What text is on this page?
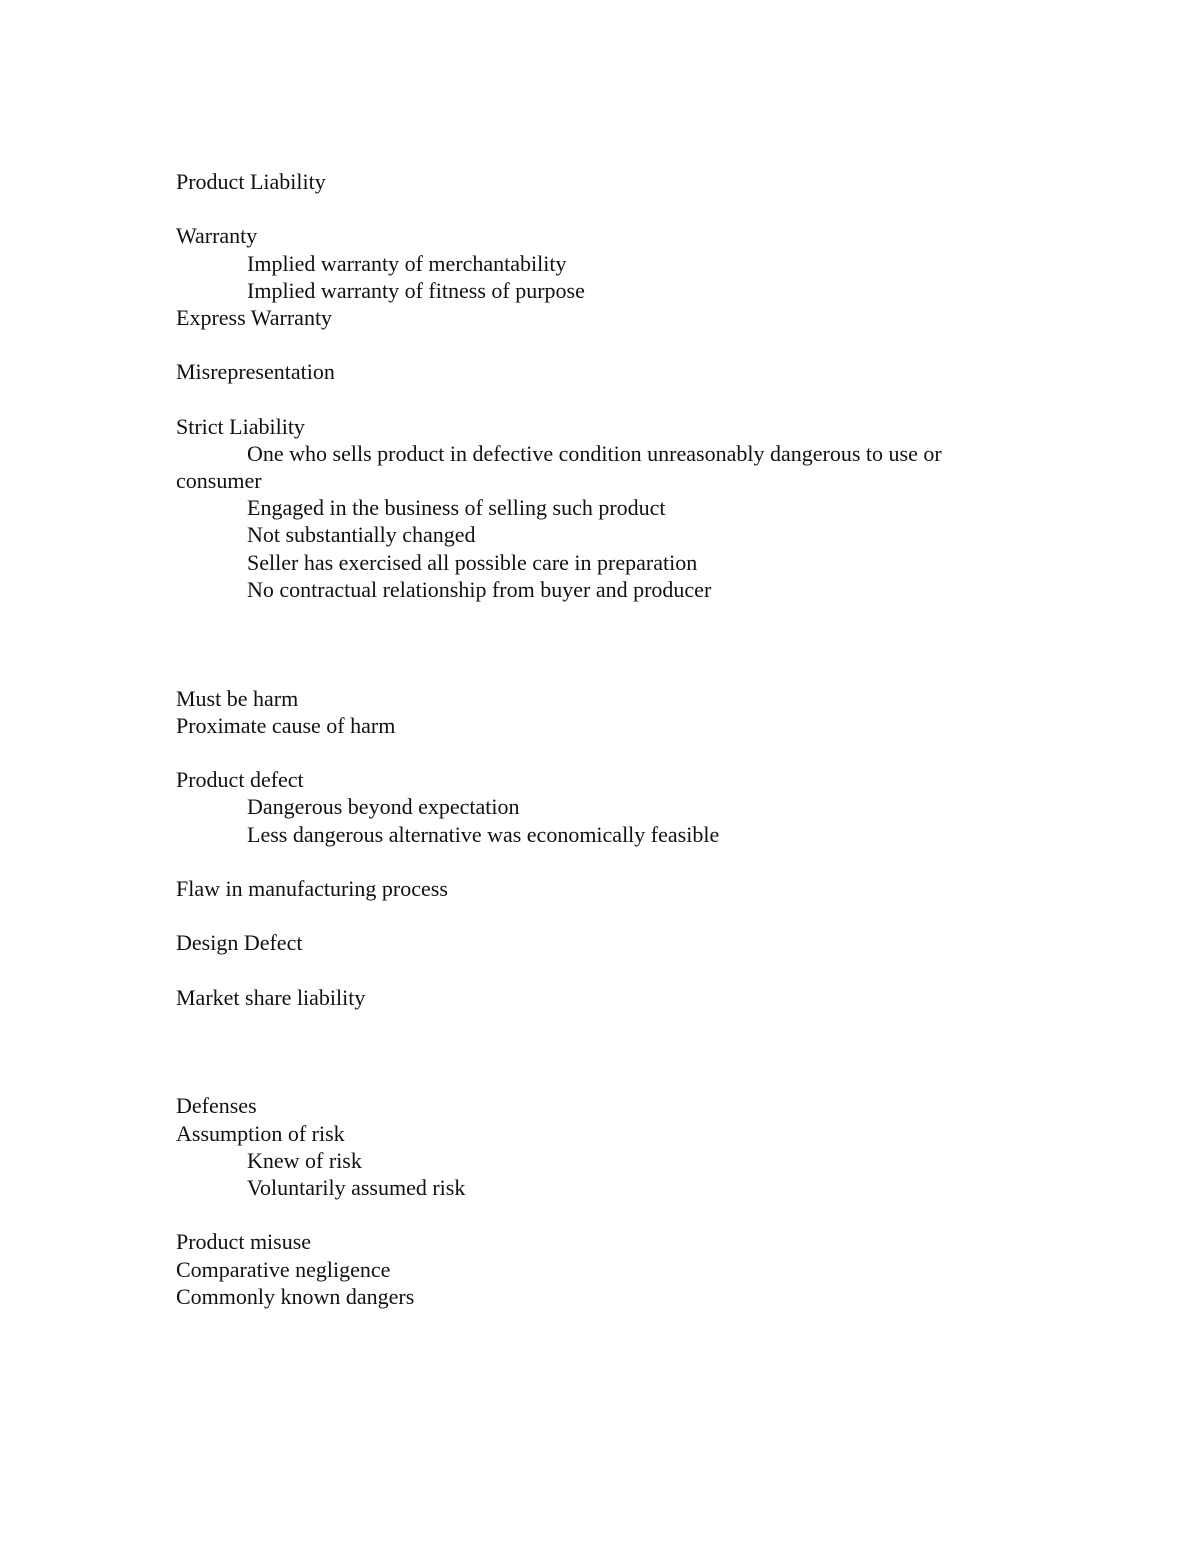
Product Liability
Warranty
Implied warranty of merchantability
Implied warranty of fitness of purpose
Express Warranty
Misrepresentation
Strict Liability
One who sells product in defective condition unreasonably dangerous to use or
consumer
Engaged in the business of selling such product
Not substantially changed
Seller has exercised all possible care in preparation
No contractual relationship from buyer and producer
Must be harm
Proximate cause of harm
Product defect
Dangerous beyond expectation
Less dangerous alternative was economically feasible
Flaw in manufacturing process
Design Defect
Market share liability
Defenses
Assumption of risk
Knew of risk
Voluntarily assumed risk
Product misuse
Comparative negligence
Commonly known dangers
